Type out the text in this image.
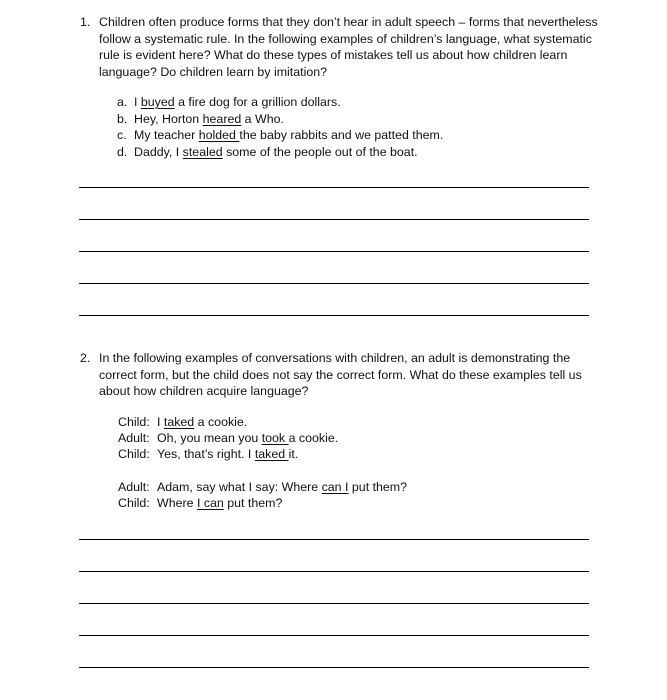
1. Children often produce forms that they don’t hear in adult speech – forms that nevertheless follow a systematic rule. In the following examples of children’s language, what systematic rule is evident here? What do these types of mistakes tell us about how children learn language? Do children learn by imitation?
a. I buyed a fire dog for a grillion dollars.
b. Hey, Horton heared a Who.
c. My teacher holded the baby rabbits and we patted them.
d. Daddy, I stealed some of the people out of the boat.
2. In the following examples of conversations with children, an adult is demonstrating the correct form, but the child does not say the correct form. What do these examples tell us about how children acquire language?
Child: I taked a cookie.
Adult: Oh, you mean you took a cookie.
Child: Yes, that’s right. I taked it.
Adult: Adam, say what I say: Where can I put them?
Child: Where I can put them?
